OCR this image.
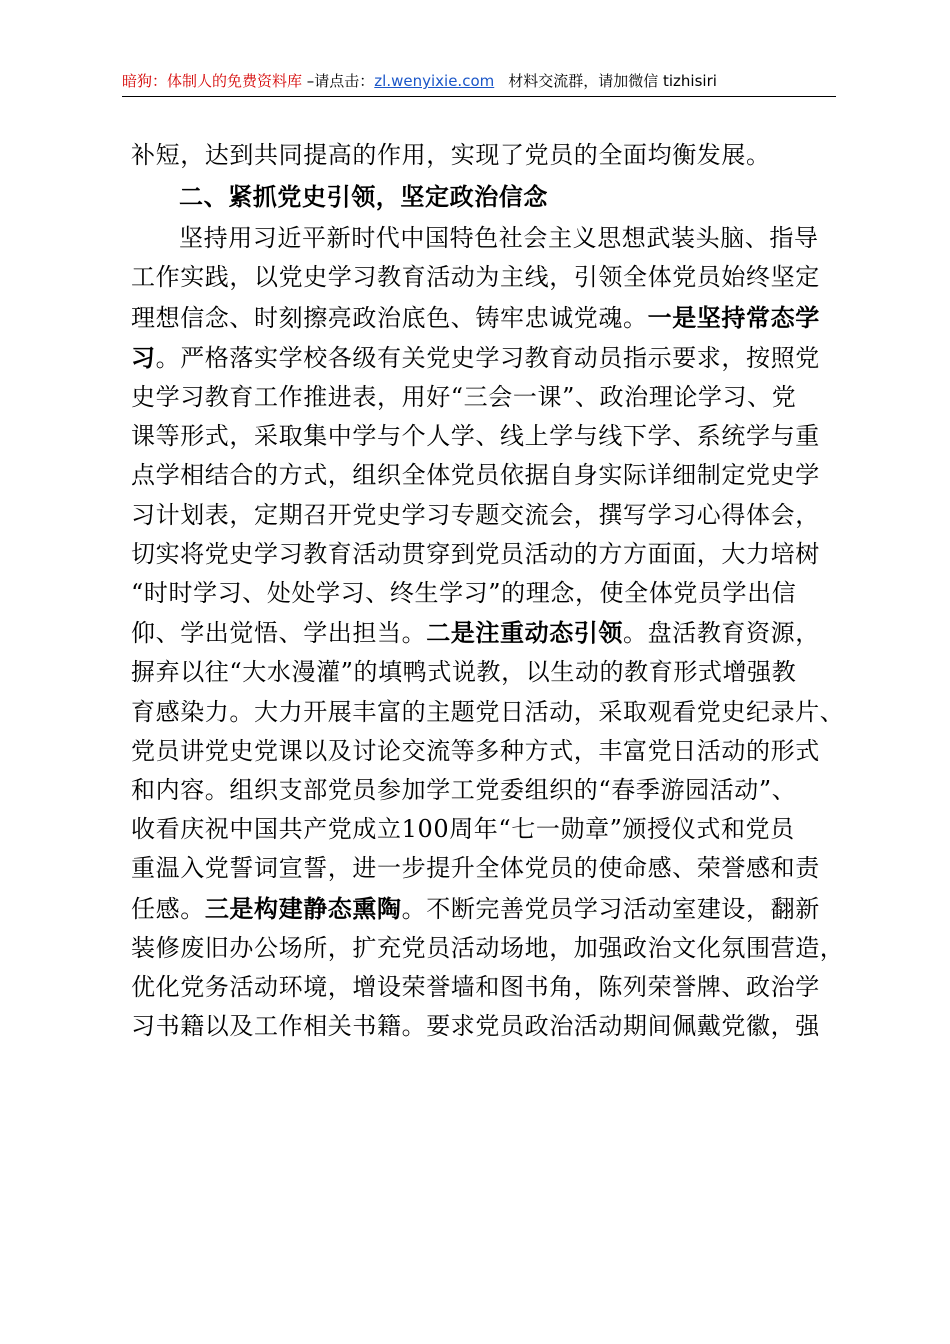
暗狗：体制人的免费资料库 –请点击：zl.wenyixie.com 材料交流群，请加微信 tizhisiri

补短，达到共同提高的作用，实现了党员的全面均衡发展。

二、紧抓党史引领，坚定政治信念

坚持用习近平新时代中国特色社会主义思想武装头脑、指导
工作实践，以党史学习教育活动为主线，引领全体党员始终坚定
理想信念、时刻擦亮政治底色、铸牢忠诚党魂。一是坚持常态学
习。严格落实学校各级有关党史学习教育动员指示要求，按照党
史学习教育工作推进表，用好“三会一课”、政治理论学习、党
课等形式，采取集中学与个人学、线上学与线下学、系统学与重
点学相结合的方式，组织全体党员依据自身实际详细制定党史学
习计划表，定期召开党史学习专题交流会，撰写学习心得体会，
切实将党史学习教育活动贯穿到党员活动的方方面面，大力培树
“时时学习、处处学习、终生学习”的理念，使全体党员学出信
仰、学出觉悟、学出担当。二是注重动态引领。盘活教育资源，
摒弃以往“大水漫灌”的填鸭式说教，以生动的教育形式增强教
育感染力。大力开展丰富的主题党日活动，采取观看党史纪录片、
党员讲党史党课以及讨论交流等多种方式，丰富党日活动的形式
和内容。组织支部党员参加学工党委组织的“春季游园活动”、
收看庆祝中国共产党成立100周年“七一勋章”颁授仪式和党员
重温入党誓词宣誓，进一步提升全体党员的使命感、荣誉感和责
任感。三是构建静态熏陶。不断完善党员学习活动室建设，翻新
装修废旧办公场所，扩充党员活动场地，加强政治文化氛围营造，
优化党务活动环境，增设荣誉墙和图书角，陈列荣誉牌、政治学
习书籍以及工作相关书籍。要求党员政治活动期间佩戴党徽，强
